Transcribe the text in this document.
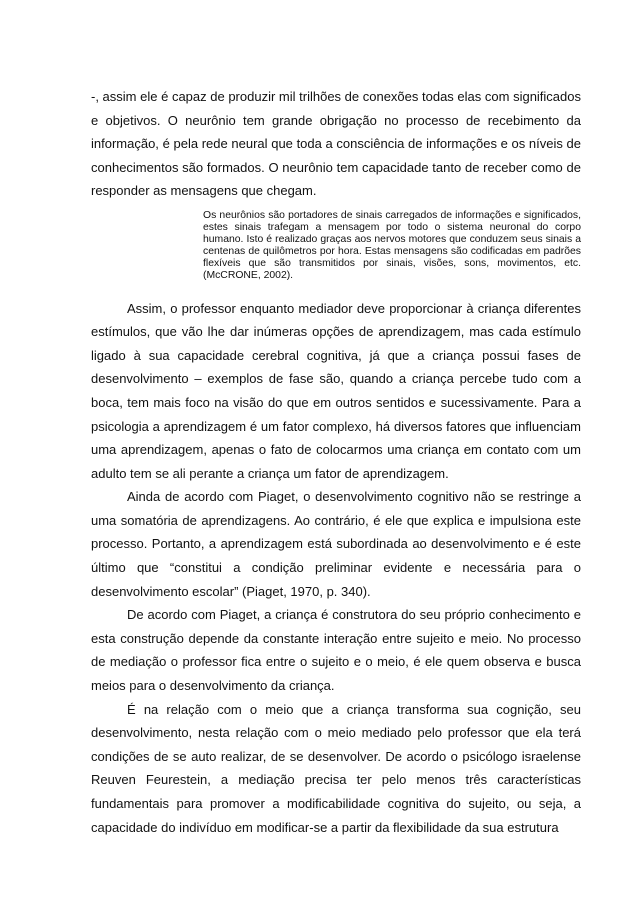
-, assim ele é capaz de produzir mil trilhões de conexões todas elas com significados e objetivos. O neurônio tem grande obrigação no processo de recebimento da informação, é pela rede neural que toda a consciência de informações e os níveis de conhecimentos são formados. O neurônio tem capacidade tanto de receber como de responder as mensagens que chegam.

Os neurônios são portadores de sinais carregados de informações e significados, estes sinais trafegam a mensagem por todo o sistema neuronal do corpo humano. Isto é realizado graças aos nervos motores que conduzem seus sinais a centenas de quilômetros por hora. Estas mensagens são codificadas em padrões flexíveis que são transmitidos por sinais, visões, sons, movimentos, etc. (McCRONE, 2002).

Assim, o professor enquanto mediador deve proporcionar à criança diferentes estímulos, que vão lhe dar inúmeras opções de aprendizagem, mas cada estímulo ligado à sua capacidade cerebral cognitiva, já que a criança possui fases de desenvolvimento – exemplos de fase são, quando a criança percebe tudo com a boca, tem mais foco na visão do que em outros sentidos e sucessivamente. Para a psicologia a aprendizagem é um fator complexo, há diversos fatores que influenciam uma aprendizagem, apenas o fato de colocarmos uma criança em contato com um adulto tem se ali perante a criança um fator de aprendizagem.

Ainda de acordo com Piaget, o desenvolvimento cognitivo não se restringe a uma somatória de aprendizagens. Ao contrário, é ele que explica e impulsiona este processo. Portanto, a aprendizagem está subordinada ao desenvolvimento e é este último que “constitui a condição preliminar evidente e necessária para o desenvolvimento escolar” (Piaget, 1970, p. 340).

De acordo com Piaget, a criança é construtora do seu próprio conhecimento e esta construção depende da constante interação entre sujeito e meio. No processo de mediação o professor fica entre o sujeito e o meio, é ele quem observa e busca meios para o desenvolvimento da criança.

É na relação com o meio que a criança transforma sua cognição, seu desenvolvimento, nesta relação com o meio mediado pelo professor que ela terá condições de se auto realizar, de se desenvolver. De acordo o psicólogo israelense Reuven Feurestein, a mediação precisa ter pelo menos três características fundamentais para promover a modificabilidade cognitiva do sujeito, ou seja, a capacidade do indivíduo em modificar-se a partir da flexibilidade da sua estrutura
